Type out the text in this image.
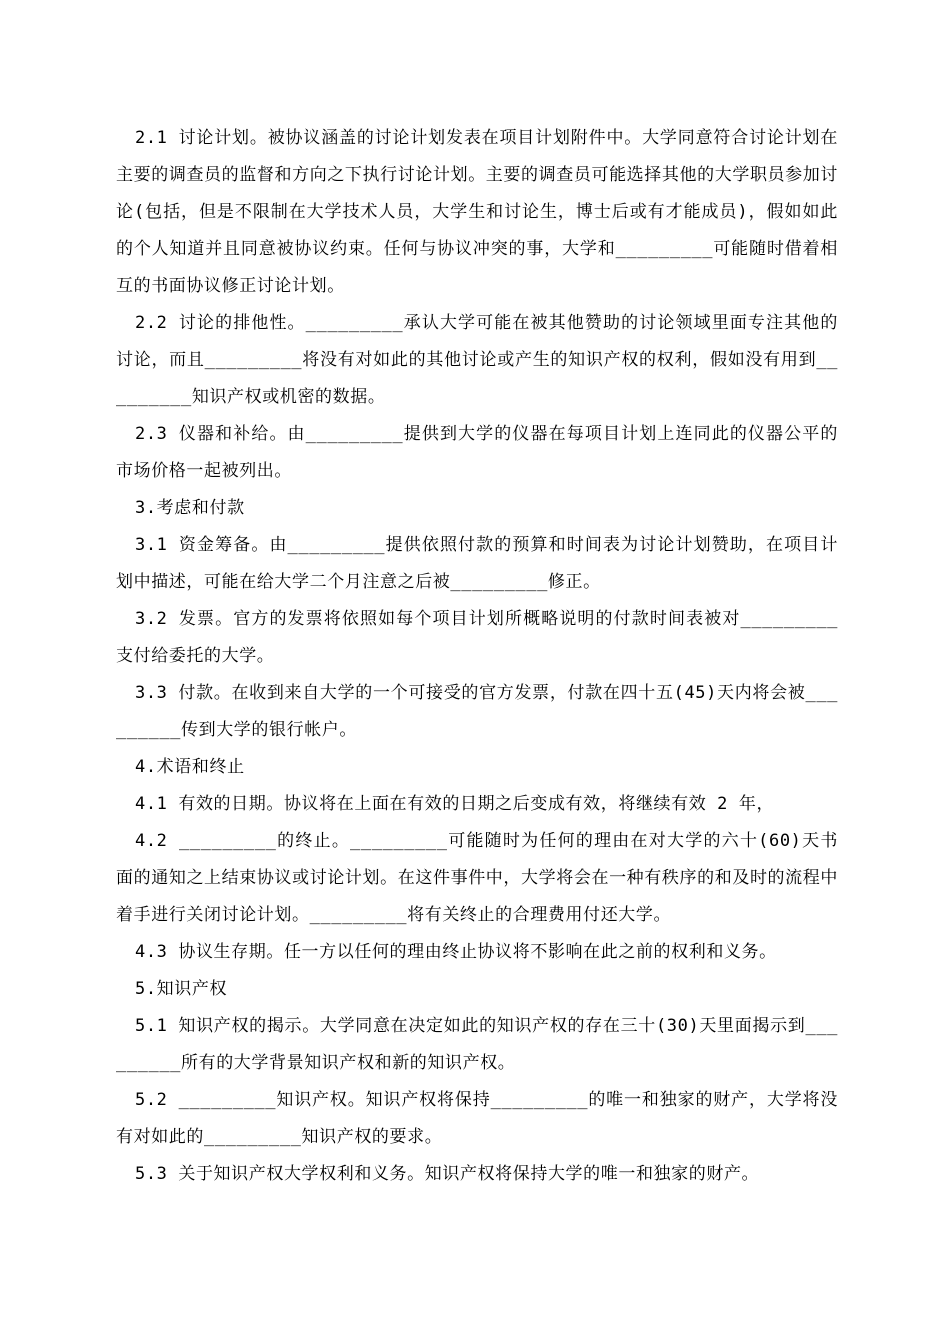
2.1 讨论计划。被协议涵盖的讨论计划发表在项目计划附件中。大学同意符合讨论计划在主要的调查员的监督和方向之下执行讨论计划。主要的调查员可能选择其他的大学职员参加讨论(包括，但是不限制在大学技术人员，大学生和讨论生，博士后或有才能成员)，假如如此的个人知道并且同意被协议约束。任何与协议冲突的事，大学和_________可能随时借着相互的书面协议修正讨论计划。

2.2 讨论的排他性。_________承认大学可能在被其他赞助的讨论领域里面专注其他的讨论，而且_________将没有对如此的其他讨论或产生的知识产权的权利，假如没有用到_________知识产权或机密的数据。

2.3 仪器和补给。由_________提供到大学的仪器在每项目计划上连同此的仪器公平的市场价格一起被列出。

3.考虑和付款

3.1 资金筹备。由_________提供依照付款的预算和时间表为讨论计划赞助，在项目计划中描述，可能在给大学二个月注意之后被_________修正。

3.2 发票。官方的发票将依照如每个项目计划所概略说明的付款时间表被对_________支付给委托的大学。

3.3 付款。在收到来自大学的一个可接受的官方发票，付款在四十五(45)天内将会被_________传到大学的银行帐户。

4.术语和终止

4.1 有效的日期。协议将在上面在有效的日期之后变成有效，将继续有效 2 年，

4.2 _________的终止。_________可能随时为任何的理由在对大学的六十(60)天书面的通知之上结束协议或讨论计划。在这件事件中，大学将会在一种有秩序的和及时的流程中着手进行关闭讨论计划。_________将有关终止的合理费用付还大学。

4.3 协议生存期。任一方以任何的理由终止协议将不影响在此之前的权利和义务。

5.知识产权

5.1 知识产权的揭示。大学同意在决定如此的知识产权的存在三十(30)天里面揭示到_________所有的大学背景知识产权和新的知识产权。

5.2 _________知识产权。知识产权将保持_________的唯一和独家的财产，大学将没有对如此的_________知识产权的要求。

5.3 关于知识产权大学权利和义务。知识产权将保持大学的唯一和独家的财产。
